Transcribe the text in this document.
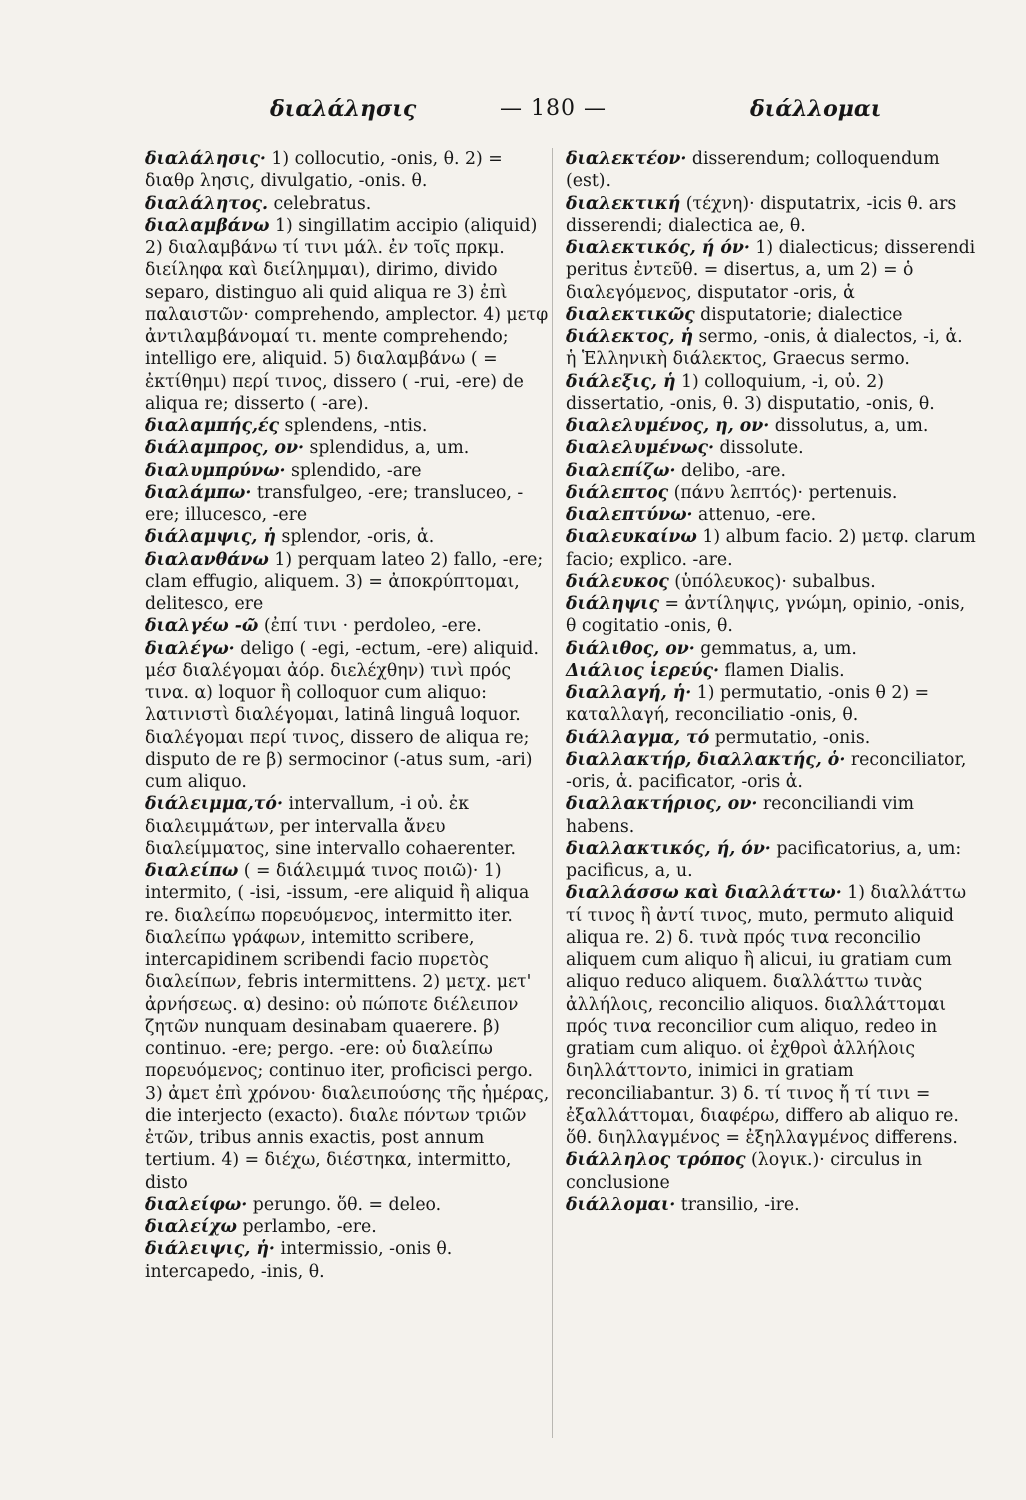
διαλάλησις	— 180 —	διάλλομαι

διαλάλησις· 1) collocutio, -onis, θ. 2) = διαθρ λησις, divulgatio, -onis. θ.

διαλάλητος. celebratus.

διαλαμβάνω 1) singillatim accipio (aliquid) 2) διαλαμβάνω τί τινι μάλ. ἐν τοῖς πρκμ. διείληφα καὶ διείλημμαι), dirimo, divido separo, distinguo ali quid aliqua re 3) ἐπὶ παλαιστῶν· comprehendo, amplector. 4) μετφ ἀντιλαμβάνομαί τι. mente comprehendo; intelligo ere, aliquid. 5) διαλαμβάνω ( = ἐκτίθημι) περί τινος, dissero ( -rui, -ere) de aliqua re; disserto ( -are).

διαλαμπής,ές splendens, -ntis.

διάλαμπρος, ον· splendidus, a, um.

διαλυμπρύνω· splendido, -are

διαλάμπω· transfulgeo, -ere; transluceo, -ere; illucesco, -ere

διάλαμψις, ἡ splendor, -oris, ἁ.

διαλανθάνω 1) perquam lateo 2) fallo, -ere; clam effugio, aliquem. 3) = ἀποκρύπτομαι, delitesco, ere

διαλγέω -ῶ (ἐπί τινι · perdoleo, -ere.

διαλέγω· deligo ( -egi, -ectum, -ere) aliquid. μέσ διαλέγομαι ἀόρ. διελέχθην) τινὶ πρός τινα. α) loquor ἢ colloquor cum aliquo: λατινιστὶ διαλέγομαι, latinâ linguâ loquor. διαλέγομαι περί τινος, dissero de aliqua re; disputo de re β) sermocinor (-atus sum, -ari) cum aliquo.

διάλειμμα,τό· intervallum, -i οὐ. ἐκ διαλειμμάτων, per intervalla ἄνευ διαλείμματος, sine intervallo cohaerenter.

διαλείπω ( = διάλειμμά τινος ποιῶ)· 1) intermito, ( -isi, -issum, -ere aliquid ἢ aliqua re. διαλείπω πορευόμενος, intermitto iter. διαλείπω γράφων, intemitto scribere, intercapidinem scribendi facio πυρετὸς διαλείπων, febris intermittens. 2) μετχ. μετ' ἀρνήσεως. α) desino: οὐ πώποτε διέλειπον ζητῶν nunquam desinabam quaerere. β) continuo. -ere; pergo. -ere: οὐ διαλείπω πορευόμενος; continuo iter, proficisci pergo. 3) ἀμετ ἐπὶ χρόνου· διαλειπούσης τῆς ἡμέρας, die interjecto (exacto). διαλε πόντων τριῶν ἐτῶν, tribus annis exactis, post annum tertium. 4) = διέχω, διέστηκα, intermitto, disto

διαλείφω· perungo. ὅθ. = deleo.

διαλείχω perlambo, -ere.

διάλειψις, ἡ· intermissio, -onis θ. intercapedo, -inis, θ.

διαλεκτέον· disserendum; colloquendum (est).

διαλεκτική (τέχνη)· disputatrix, -icis θ. ars disserendi; dialectica ae, θ.

διαλεκτικός, ή όν· 1) dialecticus; disserendi peritus ἐντεῦθ. = disertus, a, um 2) = ὁ διαλεγόμενος, disputator -oris, ἁ

διαλεκτικῶς disputatorie; dialectice

διάλεκτος, ἡ sermo, -onis, ἁ dialectos, -i, ἁ. ἡ Ἑλληνικὴ διάλεκτος, Graecus sermo.

διάλεξις, ἡ 1) colloquium, -i, οὐ. 2) dissertatio, -onis, θ. 3) disputatio, -onis, θ.

διαλελυμένος, η, ον· dissolutus, a, um.

διαλελυμένως· dissolute.

διαλεπίζω· delibo, -are.

διάλεπτος (πάνυ λεπτός)· pertenuis.

διαλεπτύνω· attenuo, -ere.

διαλευκαίνω 1) album facio. 2) μετφ. clarum facio; explico. -are.

διάλευκος (ὑπόλευκος)· subalbus.

διάληψις = ἀντίληψις, γνώμη, opinio, -onis, θ cogitatio -onis, θ.

διάλιθος, ον· gemmatus, a, um.

Διάλιος ἱερεύς· flamen Dialis.

διαλλαγή, ἡ· 1) permutatio, -onis θ 2) = καταλλαγή, reconciliatio -onis, θ.

διάλλαγμα, τό permutatio, -onis.

διαλλακτήρ, διαλλακτής, ὁ· reconciliator, -oris, ἁ. pacificator, -oris ἁ.

διαλλακτήριος, ον· reconciliandi vim habens.

διαλλακτικός, ή, όν· pacificatorius, a, um: pacificus, a, u.

διαλλάσσω καὶ διαλλάττω· 1) διαλλάττω τί τινος ἢ ἀντί τινος, muto, permuto aliquid aliqua re. 2) δ. τινὰ πρός τινα reconcilio aliquem cum aliquo ἢ alicui, iu gratiam cum aliquo reduco aliquem. διαλλάττω τινὰς ἀλλήλοις, reconcilio aliquos. διαλλάττομαι πρός τινα reconcilior cum aliquo, redeo in gratiam cum aliquo. οἱ ἐχθροὶ ἀλλήλοις διηλλάττοντο, inimici in gratiam reconciliabantur. 3) δ. τί τινος ἤ τί τινι = ἐξαλλάττομαι, διαφέρω, differo ab aliquo re. ὅθ. διηλλαγμένος = ἐξηλλαγμένος differens.

διάλληλος τρόπος (λογικ.)· circulus in conclusione

διάλλομαι· transilio, -ire.
